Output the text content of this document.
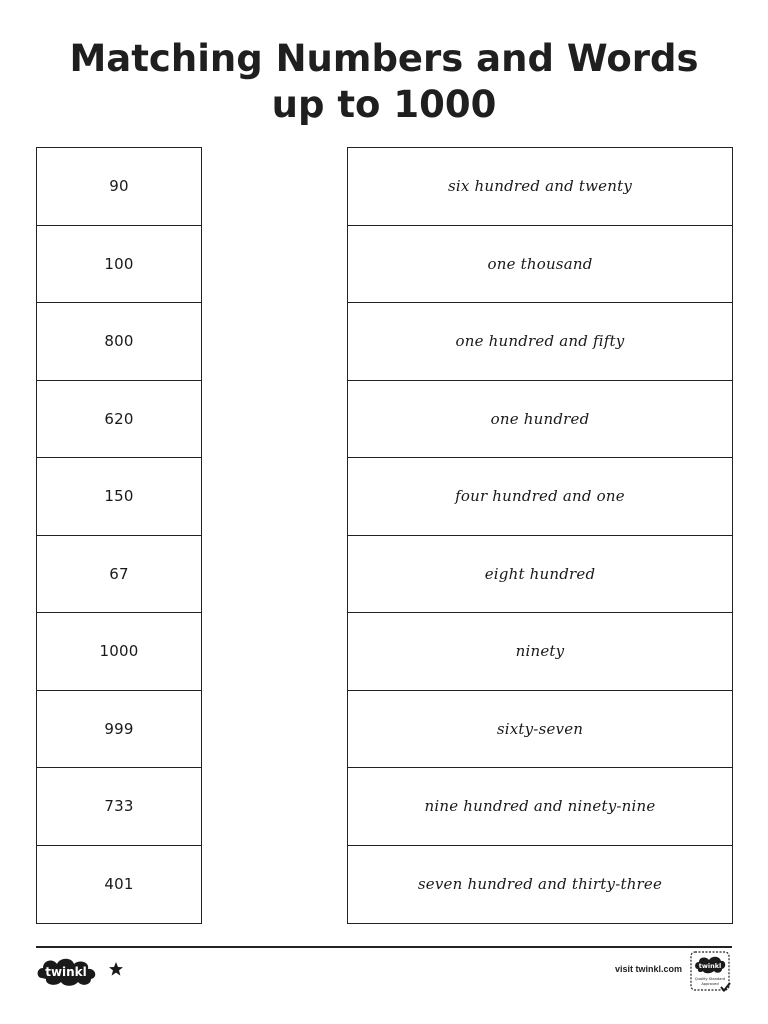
Matching Numbers and Words
up to 1000
90
100
800
620
150
67
1000
999
733
401
six hundred and twenty
one thousand
one hundred and fifty
one hundred
four hundred and one
eight hundred
ninety
sixty-seven
nine hundred and ninety-nine
seven hundred and thirty-three
twinkl	visit twinkl.com	twinkl
Quality Standard
Approved
